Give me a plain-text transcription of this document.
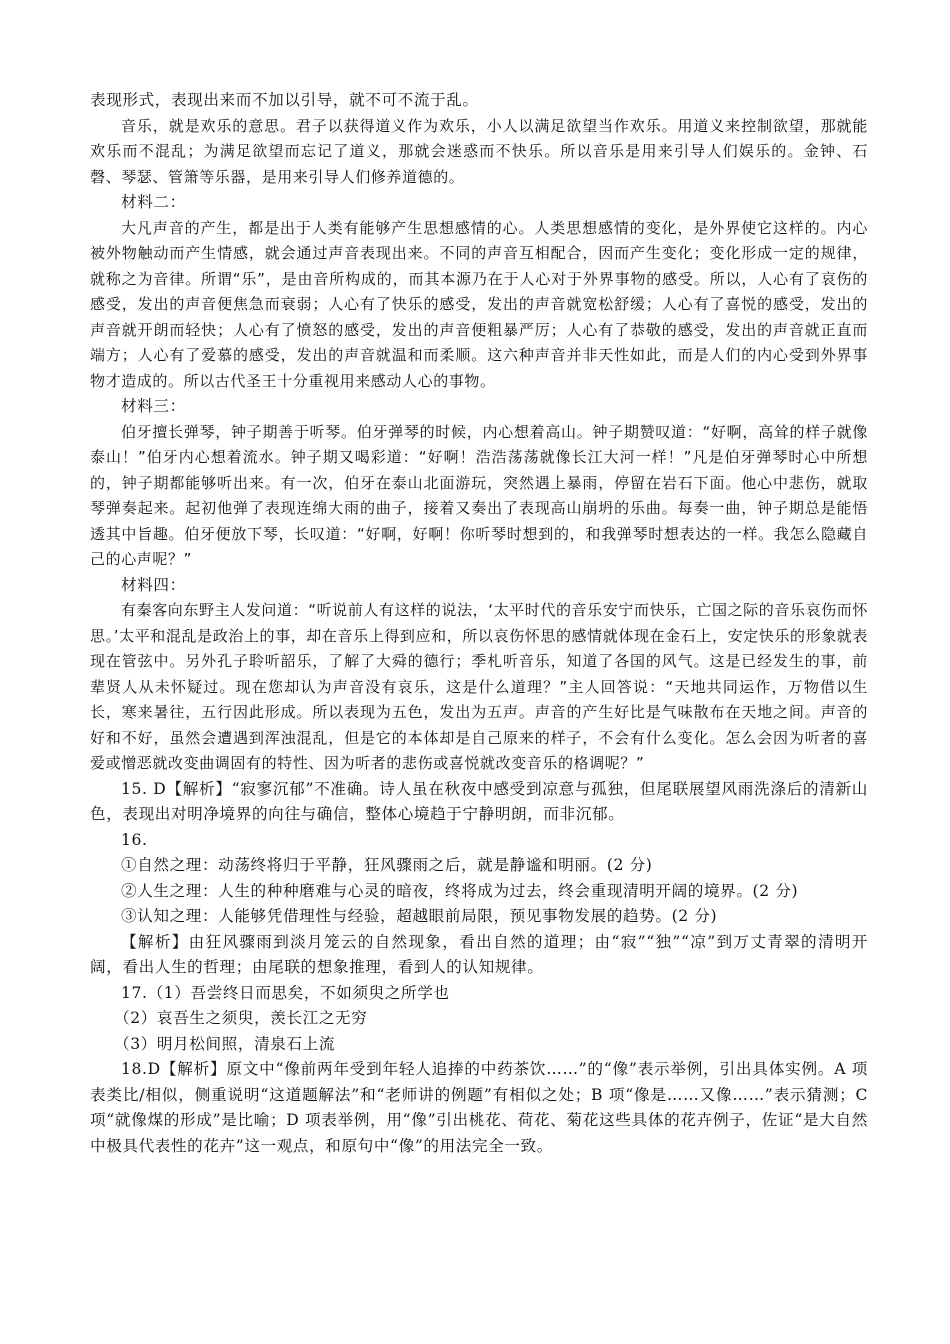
表现形式，表现出来而不加以引导，就不可不流于乱。

音乐，就是欢乐的意思。君子以获得道义作为欢乐，小人以满足欲望当作欢乐。用道义来控制欲望，那就能欢乐而不混乱；为满足欲望而忘记了道义，那就会迷惑而不快乐。所以音乐是用来引导人们娱乐的。金钟、石磬、琴瑟、管箫等乐器，是用来引导人们修养道德的。

材料二：

大凡声音的产生，都是出于人类有能够产生思想感情的心。人类思想感情的变化，是外界使它这样的。内心被外物触动而产生情感，就会通过声音表现出来。不同的声音互相配合，因而产生变化；变化形成一定的规律，就称之为音律。所谓“乐”，是由音所构成的，而其本源乃在于人心对于外界事物的感受。所以，人心有了哀伤的感受，发出的声音便焦急而衰弱；人心有了快乐的感受，发出的声音就宽松舒缓；人心有了喜悦的感受，发出的声音就开朗而轻快；人心有了愤怒的感受，发出的声音便粗暴严厉；人心有了恭敬的感受，发出的声音就正直而端方；人心有了爱慕的感受，发出的声音就温和而柔顺。这六种声音并非天性如此，而是人们的内心受到外界事物才造成的。所以古代圣王十分重视用来感动人心的事物。

材料三：

伯牙擅长弹琴，钟子期善于听琴。伯牙弹琴的时候，内心想着高山。钟子期赞叹道：“好啊，高耸的样子就像泰山！”伯牙内心想着流水。钟子期又喝彩道：“好啊！浩浩荡荡就像长江大河一样！”凡是伯牙弹琴时心中所想的，钟子期都能够听出来。有一次，伯牙在泰山北面游玩，突然遇上暴雨，停留在岩石下面。他心中悲伤，就取琴弹奏起来。起初他弹了表现连绵大雨的曲子，接着又奏出了表现高山崩坍的乐曲。每奏一曲，钟子期总是能悟透其中旨趣。伯牙便放下琴，长叹道：“好啊，好啊！你听琴时想到的，和我弹琴时想表达的一样。我怎么隐藏自己的心声呢？”

材料四：

有秦客向东野主人发问道：“听说前人有这样的说法，‘太平时代的音乐安宁而快乐，亡国之际的音乐哀伤而怀思。’太平和混乱是政治上的事，却在音乐上得到应和，所以哀伤怀思的感情就体现在金石上，安定快乐的形象就表现在管弦中。另外孔子聆听韶乐，了解了大舜的德行；季札听音乐，知道了各国的风气。这是已经发生的事，前辈贤人从未怀疑过。现在您却认为声音没有哀乐，这是什么道理？”主人回答说：“天地共同运作，万物借以生长，寒来暑往，五行因此形成。所以表现为五色，发出为五声。声音的产生好比是气味散布在天地之间。声音的好和不好，虽然会遭遇到浑浊混乱，但是它的本体却是自己原来的样子，不会有什么变化。怎么会因为听者的喜爱或憎恶就改变曲调固有的特性、因为听者的悲伤或喜悦就改变音乐的格调呢？”

15. D【解析】“寂寥沉郁”不准确。诗人虽在秋夜中感受到凉意与孤独，但尾联展望风雨洗涤后的清新山色，表现出对明净境界的向往与确信，整体心境趋于宁静明朗，而非沉郁。

16.

①自然之理：动荡终将归于平静，狂风骤雨之后，就是静谧和明丽。(2 分)

②人生之理：人生的种种磨难与心灵的暗夜，终将成为过去，终会重现清明开阔的境界。(2 分)

③认知之理：人能够凭借理性与经验，超越眼前局限，预见事物发展的趋势。(2 分)

【解析】由狂风骤雨到淡月笼云的自然现象，看出自然的道理；由“寂”“独”“凉”到万丈青翠的清明开阔，看出人生的哲理；由尾联的想象推理，看到人的认知规律。

17.（1）吾尝终日而思矣，不如须臾之所学也

（2）哀吾生之须臾，羡长江之无穷

（3）明月松间照，清泉石上流

18.D【解析】原文中“像前两年受到年轻人追捧的中药茶饮……”的“像”表示举例，引出具体实例。A 项表类比/相似，侧重说明“这道题解法”和“老师讲的例题”有相似之处；B 项“像是……又像……”表示猜测；C 项“就像煤的形成”是比喻；D 项表举例，用“像”引出桃花、荷花、菊花这些具体的花卉例子，佐证“是大自然中极具代表性的花卉”这一观点，和原句中“像”的用法完全一致。
